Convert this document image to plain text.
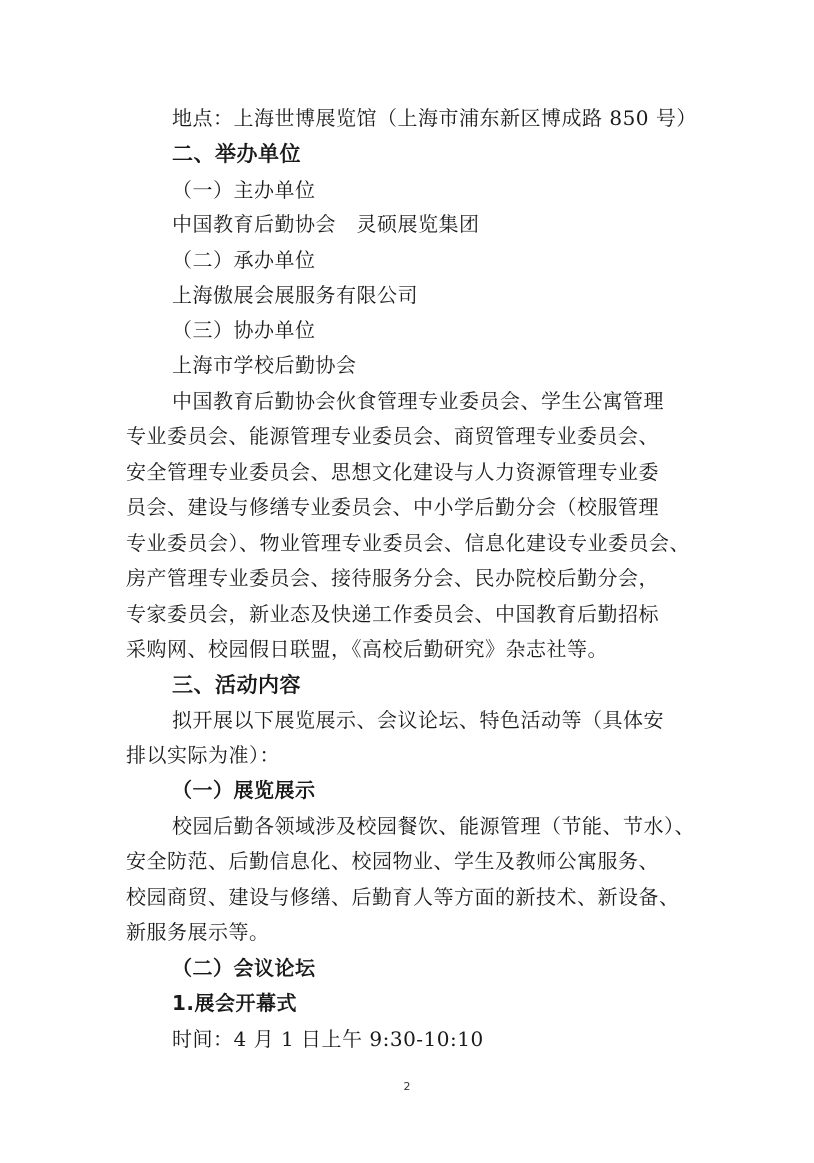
地点：上海世博展览馆（上海市浦东新区博成路 850 号）
二、举办单位
（一）主办单位
中国教育后勤协会　灵硕展览集团
（二）承办单位
上海傲展会展服务有限公司
（三）协办单位
上海市学校后勤协会
中国教育后勤协会伙食管理专业委员会、学生公寓管理
专业委员会、能源管理专业委员会、商贸管理专业委员会、
安全管理专业委员会、思想文化建设与人力资源管理专业委
员会、建设与修缮专业委员会、中小学后勤分会（校服管理
专业委员会）、物业管理专业委员会、信息化建设专业委员会、
房产管理专业委员会、接待服务分会、民办院校后勤分会，
专家委员会，新业态及快递工作委员会、中国教育后勤招标
采购网、校园假日联盟，《高校后勤研究》杂志社等。
三、活动内容
拟开展以下展览展示、会议论坛、特色活动等（具体安
排以实际为准）：
（一）展览展示
校园后勤各领域涉及校园餐饮、能源管理（节能、节水）、
安全防范、后勤信息化、校园物业、学生及教师公寓服务、
校园商贸、建设与修缮、后勤育人等方面的新技术、新设备、
新服务展示等。
（二）会议论坛
1.展会开幕式
时间：4 月 1 日上午 9:30-10:10
2
